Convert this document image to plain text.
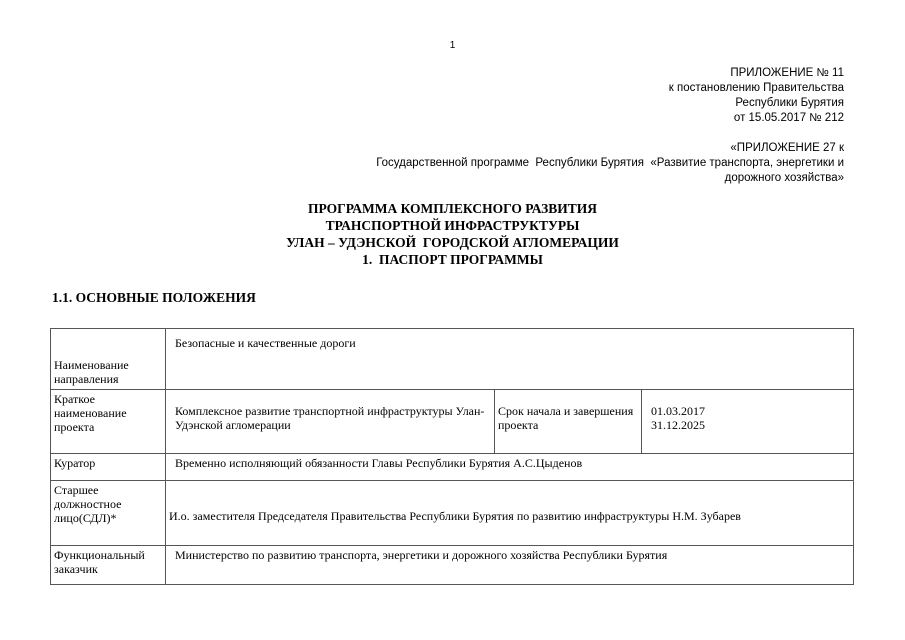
1
ПРИЛОЖЕНИЕ № 11
к постановлению Правительства
Республики Бурятия
от 15.05.2017 № 212
«ПРИЛОЖЕНИЕ 27 к
Государственной программе  Республики Бурятия  «Развитие транспорта, энергетики и
дорожного хозяйства»
ПРОГРАММА КОМПЛЕКСНОГО РАЗВИТИЯ
ТРАНСПОРТНОЙ ИНФРАСТРУКТУРЫ
УЛАН – УДЭНСКОЙ  ГОРОДСКОЙ АГЛОМЕРАЦИИ
1.  ПАСПОРТ ПРОГРАММЫ
1.1. ОСНОВНЫЕ ПОЛОЖЕНИЯ
Наименование направления	Безопасные и качественные дороги		
Краткое наименование проекта	Комплексное развитие транспортной инфраструктуры Улан-Удэнской агломерации	Срок начала и завершения проекта	01.03.2017
31.12.2025

Куратор	Временно исполняющий обязанности Главы Республики Бурятия А.С.Цыденов		
Старшее должностное лицо(СДЛ)*	И.о. заместителя Председателя Правительства Республики Бурятия по развитию инфраструктуры Н.М. Зубарев		
Функциональный заказчик	Министерство по развитию транспорта, энергетики и дорожного хозяйства Республики Бурятия		
